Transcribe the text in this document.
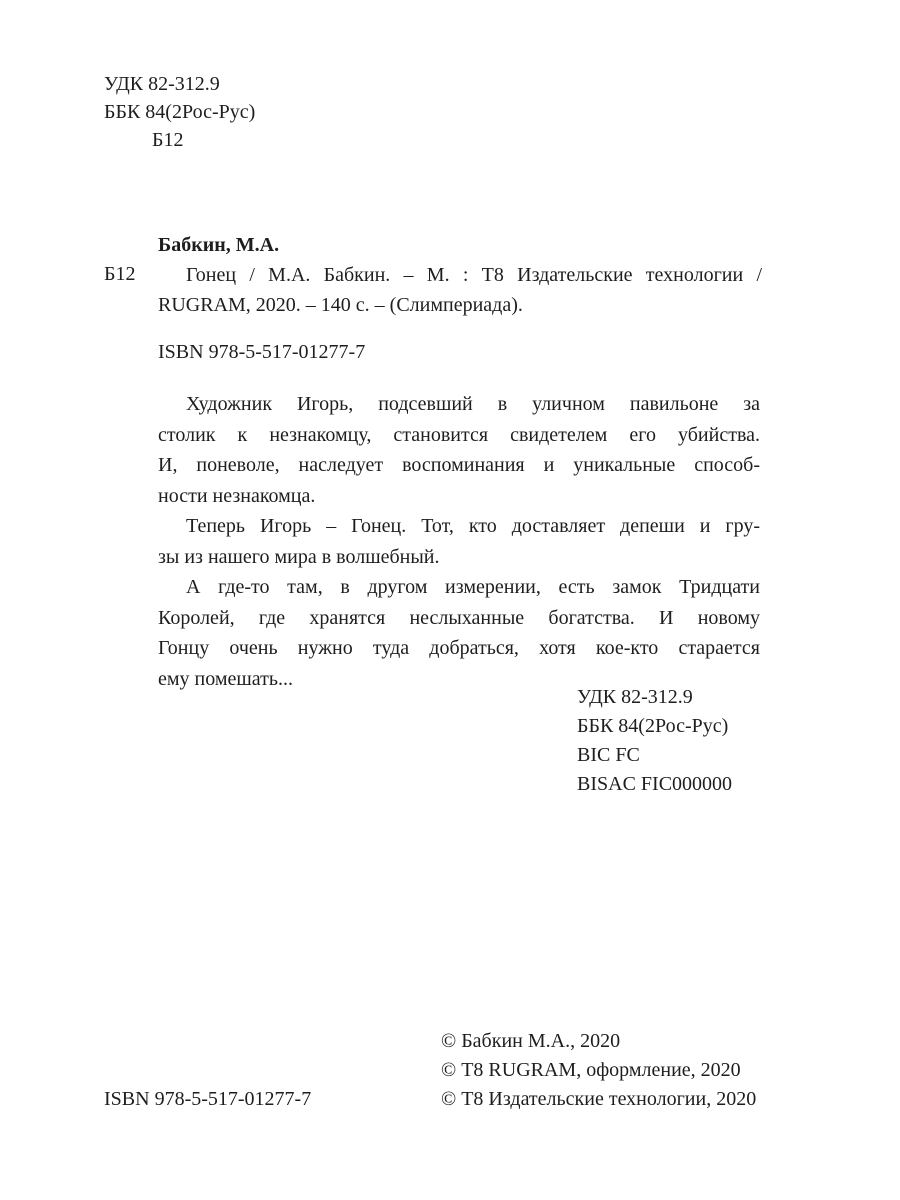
УДК 82-312.9
ББК 84(2Рос-Рус)
Б12
Бабкин, М.А.
Б12	Гонец / М.А. Бабкин. – М. : Т8 Издательские технологии /
RUGRAM, 2020. – 140 с. – (Слимпериада).
ISBN 978-5-517-01277-7

Художник Игорь, подсевший в уличном павильоне за
столик к незнакомцу, становится свидетелем его убийства.
И, поневоле, наследует воспоминания и уникальные способ-
ности незнакомца.

Теперь Игорь – Гонец. Тот, кто доставляет депеши и гру-
зы из нашего мира в волшебный.

А где-то там, в другом измерении, есть замок Тридцати
Королей, где хранятся неслыханные богатства. И новому
Гонцу очень нужно туда добраться, хотя кое-кто старается
ему помешать...

УДК 82-312.9
ББК 84(2Рос-Рус)
BIC FC
BISAC FIC000000
© Бабкин М.А., 2020
© Т8 RUGRAM, оформление, 2020
© Т8 Издательские технологии, 2020
ISBN 978-5-517-01277-7
